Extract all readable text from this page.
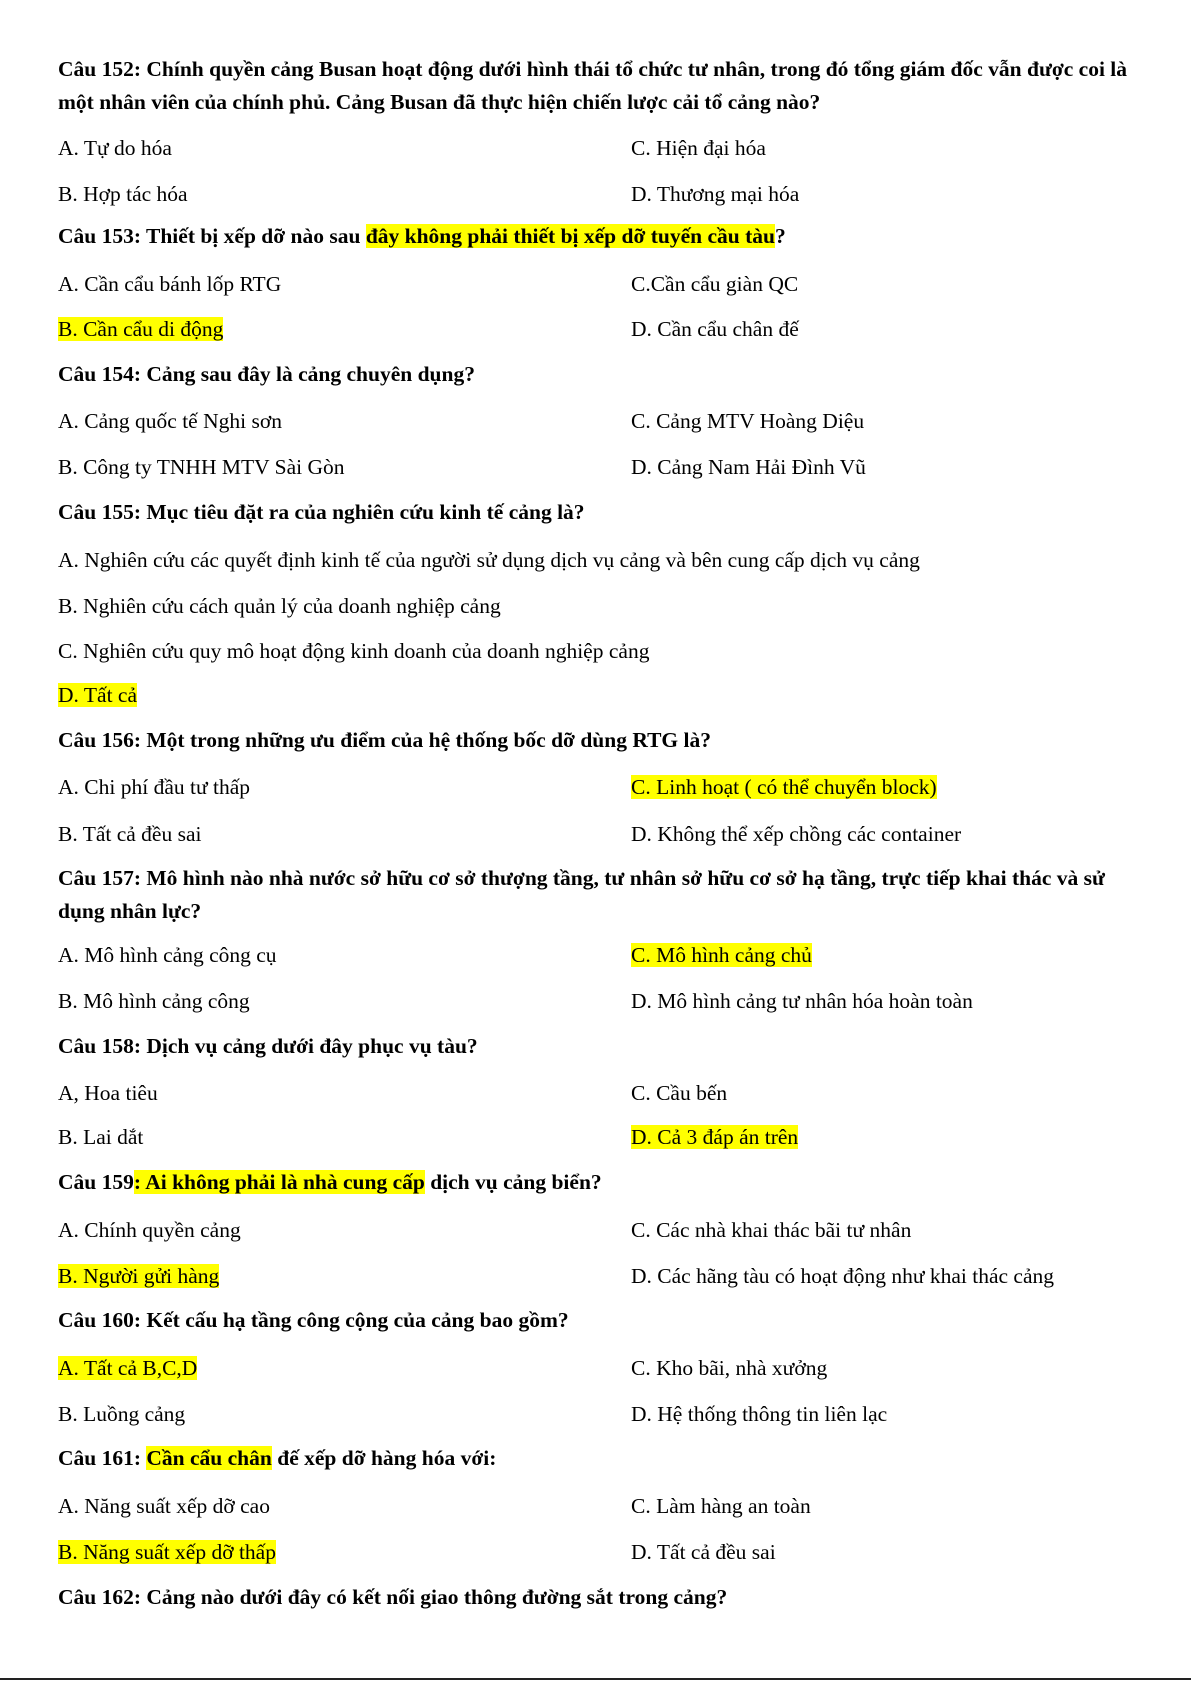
Câu 152: Chính quyền cảng Busan hoạt động dưới hình thái tổ chức tư nhân, trong đó tổng giám đốc vẫn được coi là một nhân viên của chính phủ. Cảng Busan đã thực hiện chiến lược cải tổ cảng nào?
A. Tự do hóa	C. Hiện đại hóa
B. Hợp tác hóa	D. Thương mại hóa
Câu 153: Thiết bị xếp dỡ nào sau đây không phải thiết bị xếp dỡ tuyến cầu tàu?
A. Cần cẩu bánh lốp RTG	C.Cần cẩu giàn QC
B. Cần cẩu di động	D. Cần cẩu chân đế
Câu 154: Cảng sau đây là cảng chuyên dụng?
A. Cảng quốc tế Nghi sơn	C. Cảng MTV Hoàng Diệu
B. Công ty TNHH MTV Sài Gòn	D. Cảng Nam Hải Đình Vũ
Câu 155: Mục tiêu đặt ra của nghiên cứu kinh tế cảng là?
A. Nghiên cứu các quyết định kinh tế của người sử dụng dịch vụ cảng và bên cung cấp dịch vụ cảng
B. Nghiên cứu cách quản lý của doanh nghiệp cảng
C. Nghiên cứu quy mô hoạt động kinh doanh của doanh nghiệp cảng
D. Tất cả
Câu 156: Một trong những ưu điểm của hệ thống bốc dỡ dùng RTG là?
A. Chi phí đầu tư thấp	C. Linh hoạt ( có thể chuyển block)
B. Tất cả đều sai	D. Không thể xếp chồng các container
Câu 157: Mô hình nào nhà nước sở hữu cơ sở thượng tầng, tư nhân sở hữu cơ sở hạ tầng, trực tiếp khai thác và sử dụng nhân lực?
A. Mô hình cảng công cụ	C. Mô hình cảng chủ
B. Mô hình cảng công	D. Mô hình cảng tư nhân hóa hoàn toàn
Câu 158: Dịch vụ cảng dưới đây phục vụ tàu?
A, Hoa tiêu	C. Cầu bến
B. Lai dắt	D. Cả 3 đáp án trên
Câu 159: Ai không phải là nhà cung cấp dịch vụ cảng biển?
A. Chính quyền cảng	C. Các nhà khai thác bãi tư nhân
B. Người gửi hàng	D. Các hãng tàu có hoạt động như khai thác cảng
Câu 160: Kết cấu hạ tầng công cộng của cảng bao gồm?
A. Tất cả B,C,D	C. Kho bãi, nhà xưởng
B. Luồng cảng	D. Hệ thống thông tin liên lạc
Câu 161: Cần cẩu chân đế xếp dỡ hàng hóa với:
A. Năng suất xếp dỡ cao	C. Làm hàng an toàn
B. Năng suất xếp dỡ thấp	D. Tất cả đều sai
Câu 162: Cảng nào dưới đây có kết nối giao thông đường sắt trong cảng?
